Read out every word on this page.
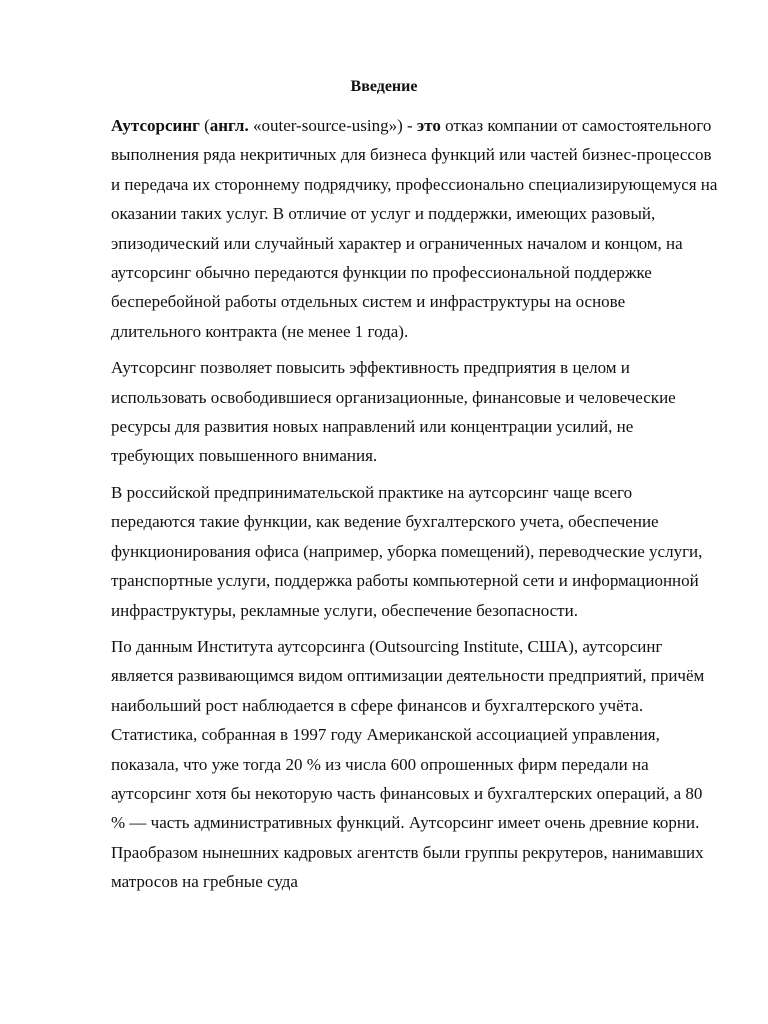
Введение

Аутсорсинг (англ. «outer-source-using») - это отказ компании от самостоятельного выполнения ряда некритичных для бизнеса функций или частей бизнес-процессов и передача их стороннему подрядчику, профессионально специализирующемуся на оказании таких услуг. В отличие от услуг и поддержки, имеющих разовый, эпизодический или случайный характер и ограниченных началом и концом, на аутсорсинг обычно передаются функции по профессиональной поддержке бесперебойной работы отдельных систем и инфраструктуры на основе длительного контракта (не менее 1 года).

Аутсорсинг позволяет повысить эффективность предприятия в целом и использовать освободившиеся организационные, финансовые и человеческие ресурсы для развития новых направлений или концентрации усилий, не требующих повышенного внимания.

В российской предпринимательской практике на аутсорсинг чаще всего передаются такие функции, как ведение бухгалтерского учета, обеспечение функционирования офиса (например, уборка помещений), переводческие услуги, транспортные услуги, поддержка работы компьютерной сети и информационной инфраструктуры, рекламные услуги, обеспечение безопасности.

По данным Института аутсорсинга (Outsourcing Institute, США), аутсорсинг является развивающимся видом оптимизации деятельности предприятий, причём наибольший рост наблюдается в сфере финансов и бухгалтерского учёта. Статистика, собранная в 1997 году Американской ассоциацией управления, показала, что уже тогда 20 % из числа 600 опрошенных фирм передали на аутсорсинг хотя бы некоторую часть финансовых и бухгалтерских операций, а 80 % — часть административных функций. Аутсорсинг имеет очень древние корни. Праобразом нынешних кадровых агентств были группы рекрутеров, нанимавших матросов на гребные суда
